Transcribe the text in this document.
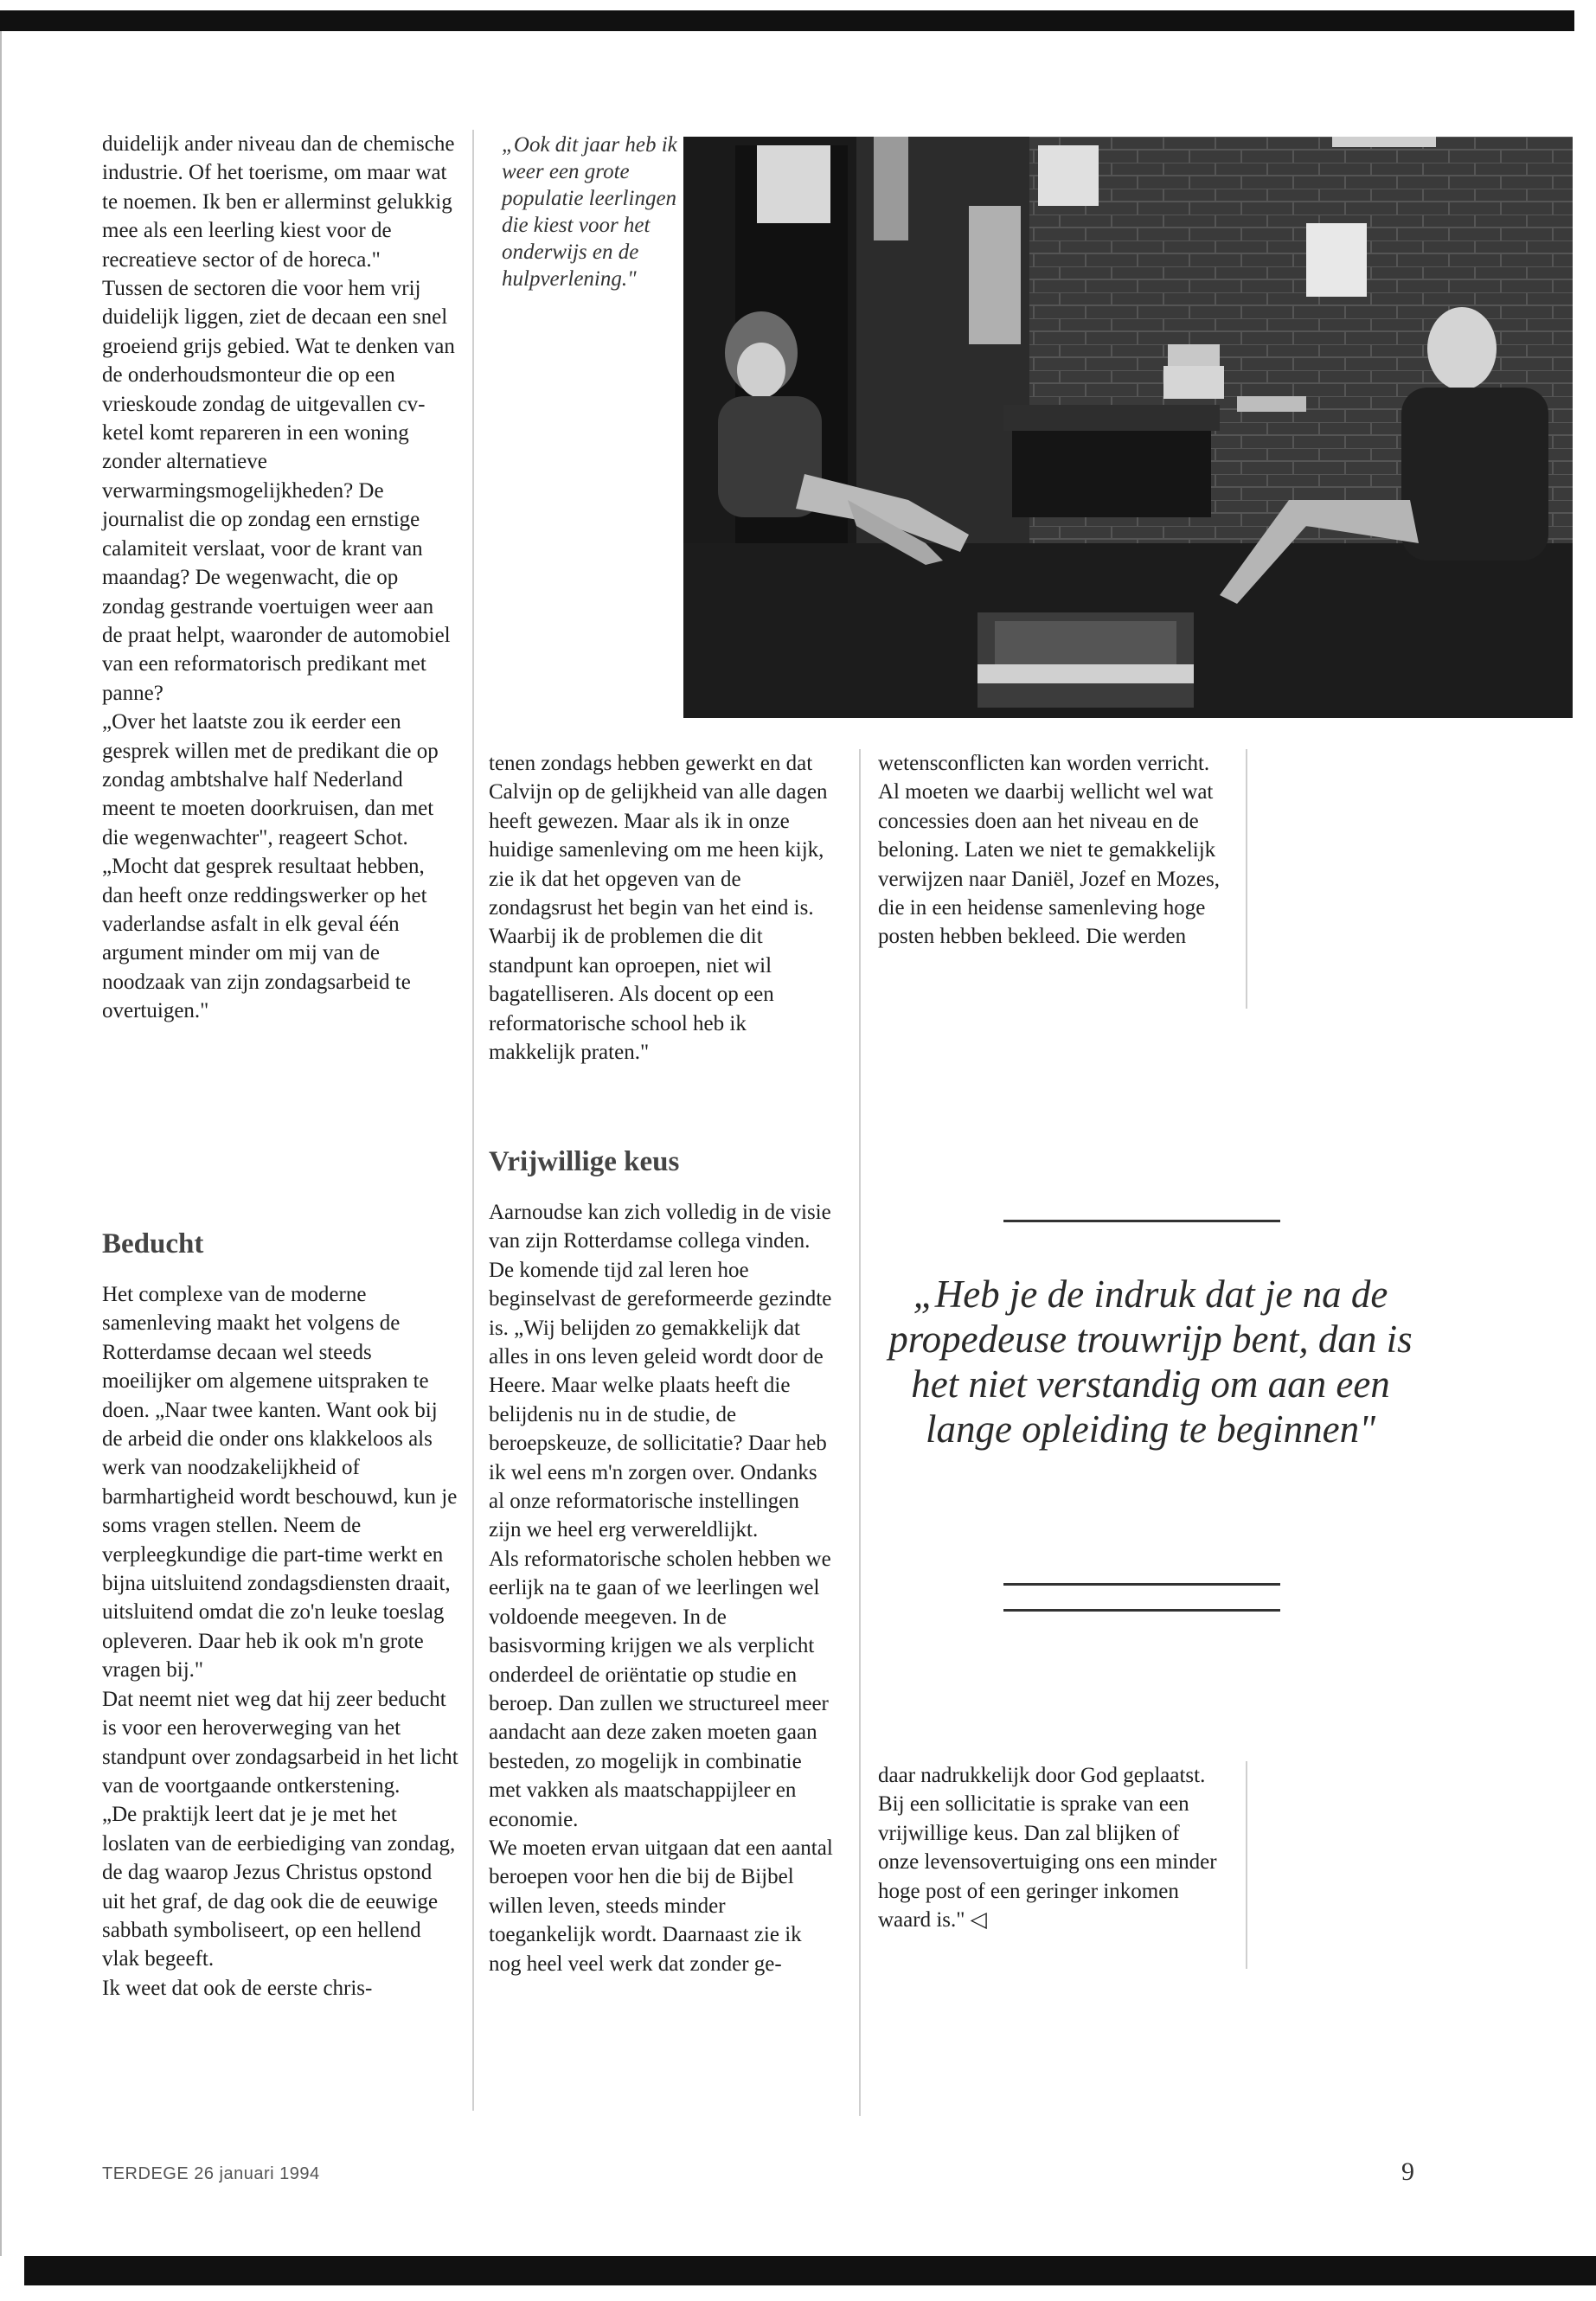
duidelijk ander niveau dan de chemische industrie. Of het toerisme, om maar wat te noemen. Ik ben er allerminst gelukkig mee als een leerling kiest voor de recreatieve sector of de horeca."

Tussen de sectoren die voor hem vrij duidelijk liggen, ziet de decaan een snel groeiend grijs gebied. Wat te denken van de onderhoudsmonteur die op een vrieskoude zondag de uitgevallen cv-ketel komt repareren in een woning zonder alternatieve verwarmingsmogelijkheden? De journalist die op zondag een ernstige calamiteit verslaat, voor de krant van maandag? De wegenwacht, die op zondag gestrande voertuigen weer aan de praat helpt, waaronder de automobiel van een reformatorisch predikant met panne?

„Over het laatste zou ik eerder een gesprek willen met de predikant die op zondag ambtshalve half Nederland meent te moeten doorkruisen, dan met die wegenwachter", reageert Schot. „Mocht dat gesprek resultaat hebben, dan heeft onze reddingswerker op het vaderlandse asfalt in elk geval één argument minder om mij van de noodzaak van zijn zondagsarbeid te overtuigen."

Beducht

Het complexe van de moderne samenleving maakt het volgens de Rotterdamse decaan wel steeds moeilijker om algemene uitspraken te doen. „Naar twee kanten. Want ook bij de arbeid die onder ons klakkeloos als werk van noodzakelijkheid of barmhartigheid wordt beschouwd, kun je soms vragen stellen. Neem de verpleegkundige die part-time werkt en bijna uitsluitend zondagsdiensten draait, uitsluitend omdat die zo'n leuke toeslag opleveren. Daar heb ik ook m'n grote vragen bij."

Dat neemt niet weg dat hij zeer beducht is voor een heroverweging van het standpunt over zondagsarbeid in het licht van de voortgaande ontkerstening.

„De praktijk leert dat je je met het loslaten van de eerbiediging van zondag, de dag waarop Jezus Christus opstond uit het graf, de dag ook die de eeuwige sabbath symboliseert, op een hellend vlak begeeft.

Ik weet dat ook de eerste chris-

„Ook dit jaar heb ik weer een grote populatie leerlingen die kiest voor het onderwijs en de hulpverlening."

tenen zondags hebben gewerkt en dat Calvijn op de gelijkheid van alle dagen heeft gewezen. Maar als ik in onze huidige samenleving om me heen kijk, zie ik dat het opgeven van de zondagsrust het begin van het eind is. Waarbij ik de problemen die dit standpunt kan oproepen, niet wil bagatelliseren. Als docent op een reformatorische school heb ik makkelijk praten."

Vrijwillige keus

Aarnoudse kan zich volledig in de visie van zijn Rotterdamse collega vinden. De komende tijd zal leren hoe beginselvast de gereformeerde gezindte is. „Wij belijden zo gemakkelijk dat alles in ons leven geleid wordt door de Heere. Maar welke plaats heeft die belijdenis nu in de studie, de beroepskeuze, de sollicitatie? Daar heb ik wel eens m'n zorgen over. Ondanks al onze reformatorische instellingen zijn we heel erg verwereldlijkt.

Als reformatorische scholen hebben we eerlijk na te gaan of we leerlingen wel voldoende meegeven. In de basisvorming krijgen we als verplicht onderdeel de oriëntatie op studie en beroep. Dan zullen we structureel meer aandacht aan deze zaken moeten gaan besteden, zo mogelijk in combinatie met vakken als maatschappijleer en economie.

We moeten ervan uitgaan dat een aantal beroepen voor hen die bij de Bijbel willen leven, steeds minder toegankelijk wordt. Daarnaast zie ik nog heel veel werk dat zonder ge-

wetensconflicten kan worden verricht. Al moeten we daarbij wellicht wel wat concessies doen aan het niveau en de beloning. Laten we niet te gemakkelijk verwijzen naar Daniël, Jozef en Mozes, die in een heidense samenleving hoge posten hebben bekleed. Die werden

„Heb je de indruk dat je na de propedeuse trouwrijp bent, dan is het niet verstandig om aan een lange opleiding te beginnen"

daar nadrukkelijk door God geplaatst. Bij een sollicitatie is sprake van een vrijwillige keus. Dan zal blijken of onze levensovertuiging ons een minder hoge post of een geringer inkomen waard is." ◁

TERDEGE 26 januari 1994	9
